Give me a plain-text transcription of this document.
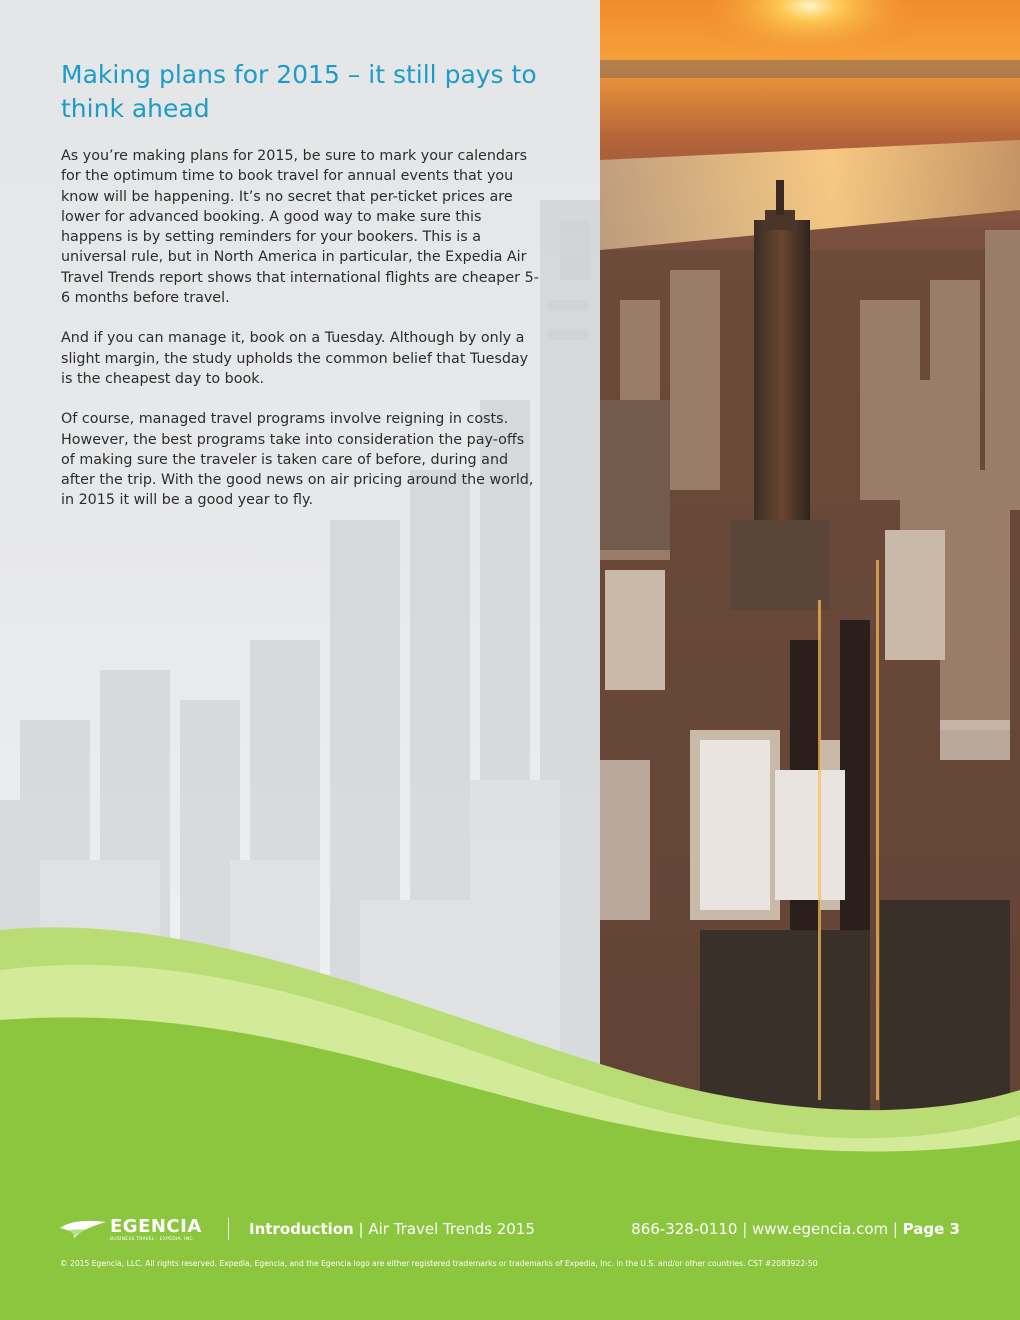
Making plans for 2015 – it still pays to think ahead

As you’re making plans for 2015, be sure to mark your calendars for the optimum time to book travel for annual events that you know will be happening. It’s no secret that per-ticket prices are lower for advanced booking. A good way to make sure this happens is by setting reminders for your bookers. This is a universal rule, but in North America in particular, the Expedia Air Travel Trends report shows that international flights are cheaper 5-6 months before travel.

And if you can manage it, book on a Tuesday. Although by only a slight margin, the study upholds the common belief that Tuesday is the cheapest day to book.

Of course, managed travel programs involve reigning in costs. However, the best programs take into consideration the pay-offs of making sure the traveler is taken care of before, during and after the trip. With the good news on air pricing around the world, in 2015 it will be a good year to fly.

EGENCIA
BUSINESS TRAVEL · EXPEDIA, INC.
Introduction | Air Travel Trends 2015	866-328-0110 | www.egencia.com | Page 3
© 2015 Egencia, LLC. All rights reserved. Expedia, Egencia, and the Egencia logo are either registered trademarks or trademarks of Expedia, Inc. in the U.S. and/or other countries. CST #2083922-50
